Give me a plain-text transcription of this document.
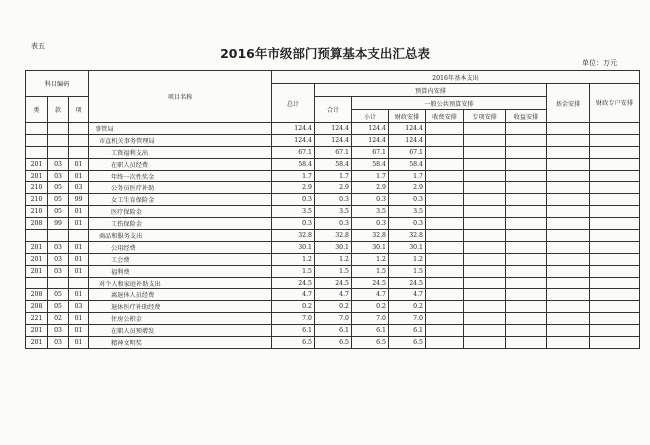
表五	2016年市级部门预算基本支出汇总表
单位：万元
科目编码			项目名称	2016年基本支出								
				总计	预算内安排						基金安排	财政专户安排
类	款	项			合计	一般公共预算安排						
						小计	财政安排	收费安排	专项安排	收益安排		
			事管局	124.4	124.4	124.4	124.4					
			市直机关事务管理局	124.4	124.4	124.4	124.4					
			工资福利支出	67.1	67.1	67.1	67.1					
201	03	01	在职人员经费	58.4	58.4	58.4	58.4					
201	03	01	年终一次性奖金	1.7	1.7	1.7	1.7					
210	05	03	公务员医疗补助	2.9	2.9	2.9	2.9					
210	05	99	女工生育保险金	0.3	0.3	0.3	0.3					
210	05	01	医疗保险金	3.5	3.5	3.5	3.5					
208	99	01	工伤保险金	0.3	0.3	0.3	0.3					
			商品和服务支出	32.8	32.8	32.8	32.8					
201	03	01	公用经费	30.1	30.1	30.1	30.1					
201	03	01	工会费	1.2	1.2	1.2	1.2					
201	03	01	福利费	1.5	1.5	1.5	1.5					
			对个人和家庭补助支出	24.5	24.5	24.5	24.5					
208	05	01	离退休人员经费	4.7	4.7	4.7	4.7					
208	05	03	退休医疗补助经费	0.2	0.2	0.2	0.2					
221	02	01	住房公积金	7.0	7.0	7.0	7.0					
201	03	01	在职人员预增发	6.1	6.1	6.1	6.1					
201	03	01	精神文明奖	6.5	6.5	6.5	6.5					
